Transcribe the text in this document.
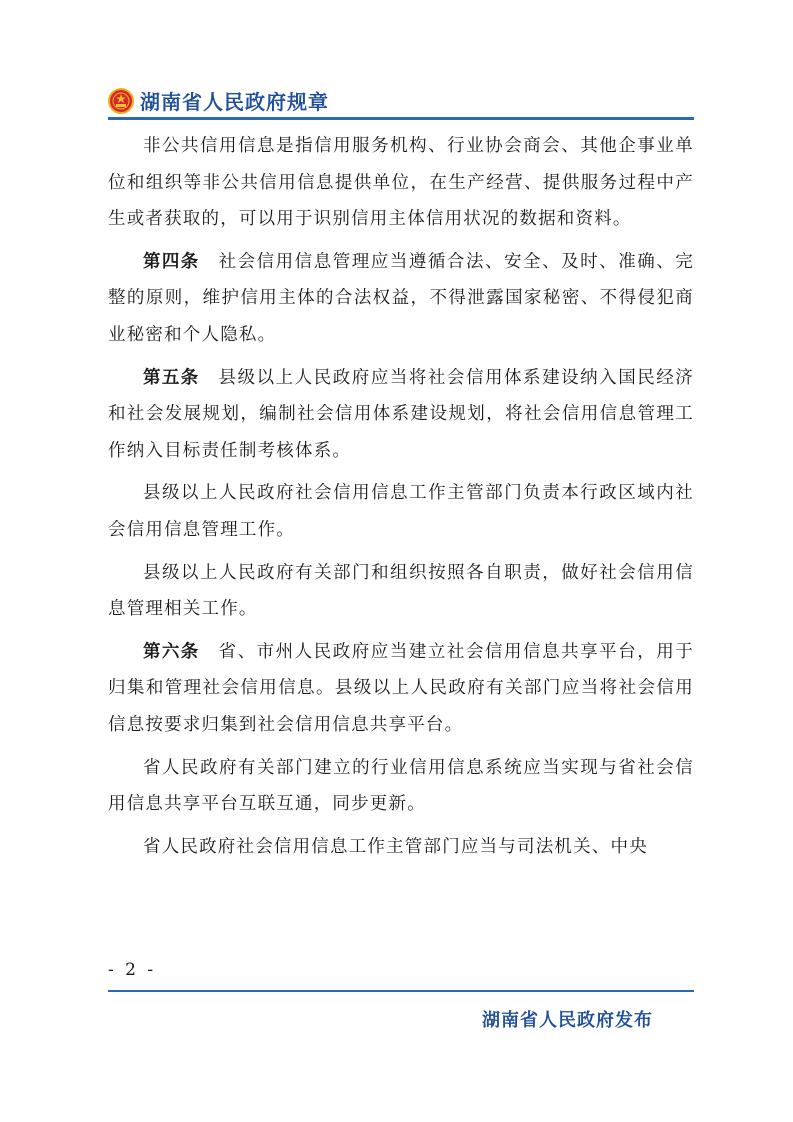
湖南省人民政府规章

非公共信用信息是指信用服务机构、行业协会商会、其他企事业单位和组织等非公共信用信息提供单位，在生产经营、提供服务过程中产生或者获取的，可以用于识别信用主体信用状况的数据和资料。

第四条  社会信用信息管理应当遵循合法、安全、及时、准确、完整的原则，维护信用主体的合法权益，不得泄露国家秘密、不得侵犯商业秘密和个人隐私。

第五条  县级以上人民政府应当将社会信用体系建设纳入国民经济和社会发展规划，编制社会信用体系建设规划，将社会信用信息管理工作纳入目标责任制考核体系。

县级以上人民政府社会信用信息工作主管部门负责本行政区域内社会信用信息管理工作。

县级以上人民政府有关部门和组织按照各自职责，做好社会信用信息管理相关工作。

第六条  省、市州人民政府应当建立社会信用信息共享平台，用于归集和管理社会信用信息。县级以上人民政府有关部门应当将社会信用信息按要求归集到社会信用信息共享平台。

省人民政府有关部门建立的行业信用信息系统应当实现与省社会信用信息共享平台互联互通，同步更新。

省人民政府社会信用信息工作主管部门应当与司法机关、中央

- 2 -
湖南省人民政府发布
